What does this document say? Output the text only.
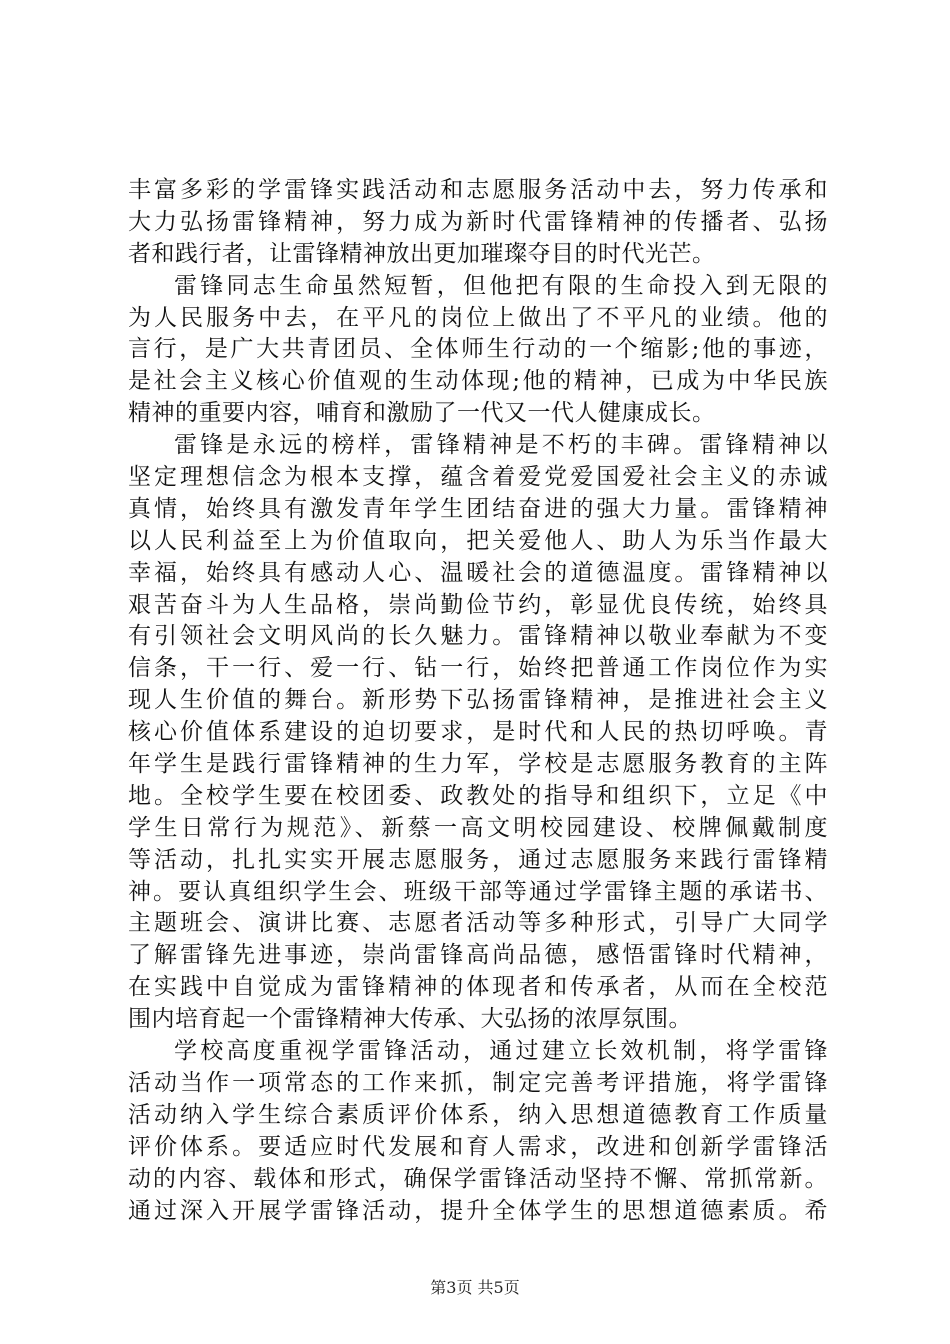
丰富多彩的学雷锋实践活动和志愿服务活动中去，努力传承和
大力弘扬雷锋精神，努力成为新时代雷锋精神的传播者、弘扬
者和践行者，让雷锋精神放出更加璀璨夺目的时代光芒。
雷锋同志生命虽然短暂，但他把有限的生命投入到无限的
为人民服务中去，在平凡的岗位上做出了不平凡的业绩。他的
言行，是广大共青团员、全体师生行动的一个缩影;他的事迹，
是社会主义核心价值观的生动体现;他的精神，已成为中华民族
精神的重要内容，哺育和激励了一代又一代人健康成长。
雷锋是永远的榜样，雷锋精神是不朽的丰碑。雷锋精神以
坚定理想信念为根本支撑，蕴含着爱党爱国爱社会主义的赤诚
真情，始终具有激发青年学生团结奋进的强大力量。雷锋精神
以人民利益至上为价值取向，把关爱他人、助人为乐当作最大
幸福，始终具有感动人心、温暖社会的道德温度。雷锋精神以
艰苦奋斗为人生品格，崇尚勤俭节约，彰显优良传统，始终具
有引领社会文明风尚的长久魅力。雷锋精神以敬业奉献为不变
信条，干一行、爱一行、钻一行，始终把普通工作岗位作为实
现人生价值的舞台。新形势下弘扬雷锋精神，是推进社会主义
核心价值体系建设的迫切要求，是时代和人民的热切呼唤。青
年学生是践行雷锋精神的生力军，学校是志愿服务教育的主阵
地。全校学生要在校团委、政教处的指导和组织下，立足《中
学生日常行为规范》、新蔡一高文明校园建设、校牌佩戴制度
等活动，扎扎实实开展志愿服务，通过志愿服务来践行雷锋精
神。要认真组织学生会、班级干部等通过学雷锋主题的承诺书、
主题班会、演讲比赛、志愿者活动等多种形式，引导广大同学
了解雷锋先进事迹，崇尚雷锋高尚品德，感悟雷锋时代精神，
在实践中自觉成为雷锋精神的体现者和传承者，从而在全校范
围内培育起一个雷锋精神大传承、大弘扬的浓厚氛围。
学校高度重视学雷锋活动，通过建立长效机制，将学雷锋
活动当作一项常态的工作来抓，制定完善考评措施，将学雷锋
活动纳入学生综合素质评价体系，纳入思想道德教育工作质量
评价体系。要适应时代发展和育人需求，改进和创新学雷锋活
动的内容、载体和形式，确保学雷锋活动坚持不懈、常抓常新。
通过深入开展学雷锋活动，提升全体学生的思想道德素质。希
第3页 共5页
